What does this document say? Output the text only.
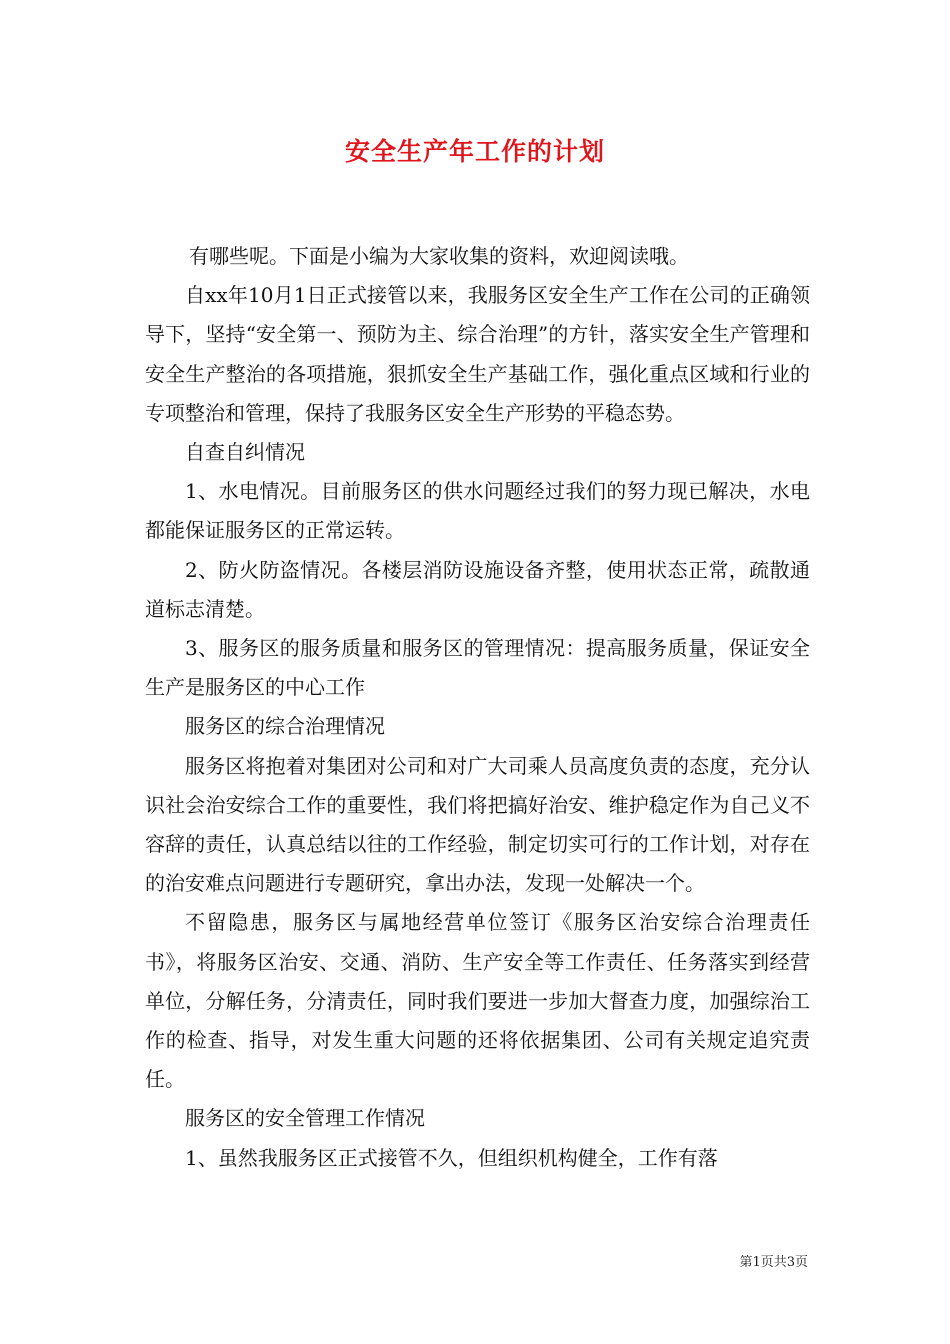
安全生产年工作的计划

有哪些呢。下面是小编为大家收集的资料，欢迎阅读哦。

自xx年10月1日正式接管以来，我服务区安全生产工作在公司的正确领导下，坚持“安全第一、预防为主、综合治理”的方针，落实安全生产管理和安全生产整治的各项措施，狠抓安全生产基础工作，强化重点区域和行业的专项整治和管理，保持了我服务区安全生产形势的平稳态势。

自查自纠情况

1、水电情况。目前服务区的供水问题经过我们的努力现已解决，水电都能保证服务区的正常运转。

2、防火防盗情况。各楼层消防设施设备齐整，使用状态正常，疏散通道标志清楚。

3、服务区的服务质量和服务区的管理情况：提高服务质量，保证安全生产是服务区的中心工作

服务区的综合治理情况

服务区将抱着对集团对公司和对广大司乘人员高度负责的态度，充分认识社会治安综合工作的重要性，我们将把搞好治安、维护稳定作为自己义不容辞的责任，认真总结以往的工作经验，制定切实可行的工作计划，对存在的治安难点问题进行专题研究，拿出办法，发现一处解决一个。

不留隐患，服务区与属地经营单位签订《服务区治安综合治理责任书》，将服务区治安、交通、消防、生产安全等工作责任、任务落实到经营单位，分解任务，分清责任，同时我们要进一步加大督查力度，加强综治工作的检查、指导，对发生重大问题的还将依据集团、公司有关规定追究责任。

服务区的安全管理工作情况

1、虽然我服务区正式接管不久，但组织机构健全，工作有落

第1页共3页
